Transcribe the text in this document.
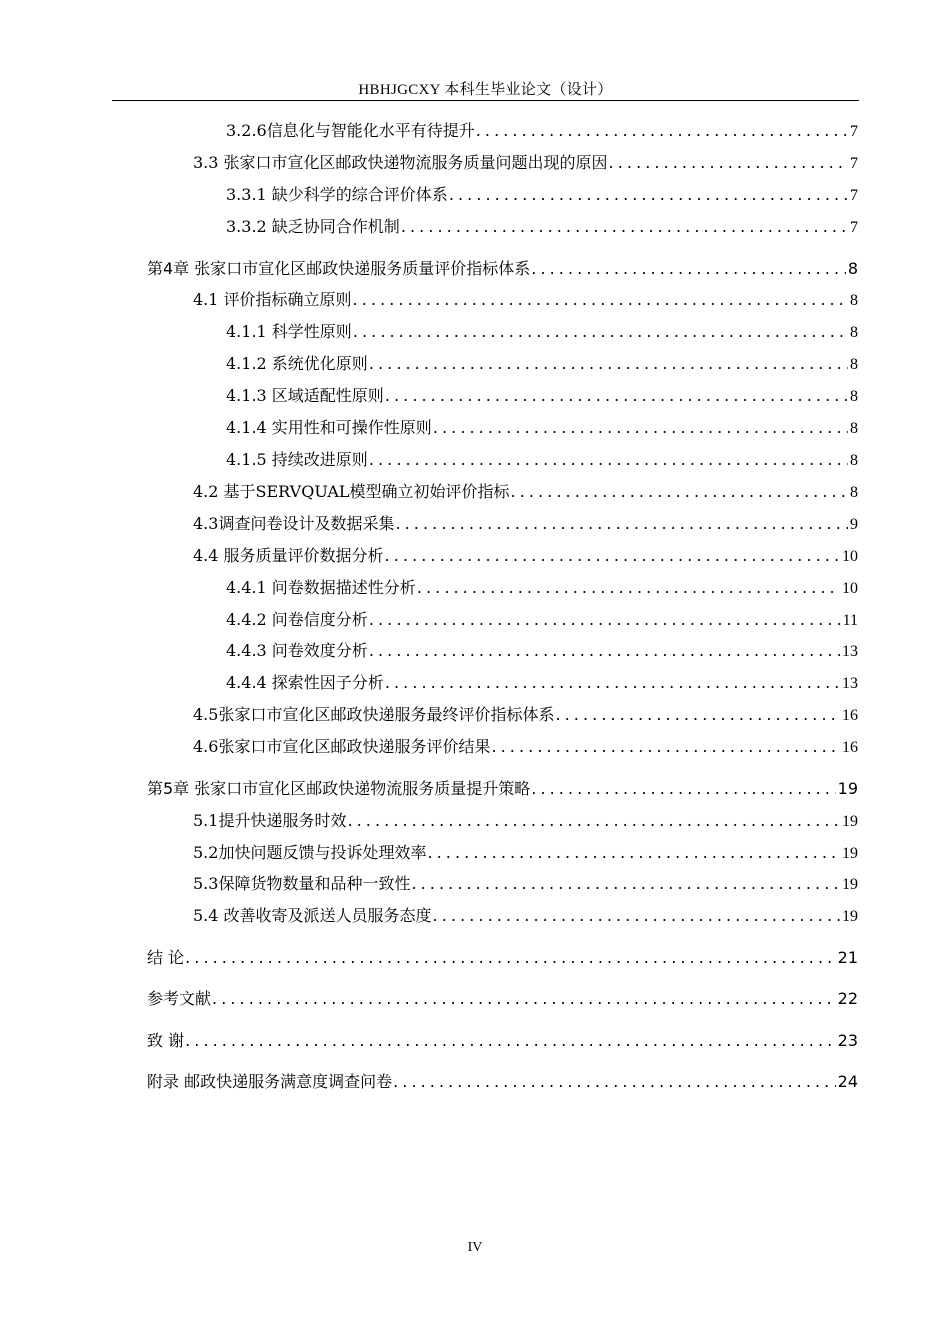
HBHJGCXY 本科生毕业论文（设计）
3.2.6信息化与智能化水平有待提升 . . .	7
3.3 张家口市宣化区邮政快递物流服务质量问题出现的原因 . . .	7
3.3.1 缺少科学的综合评价体系 . . .	7
3.3.2 缺乏协同合作机制 . . .	7
第4章 张家口市宣化区邮政快递服务质量评价指标体系 . . .	8
4.1 评价指标确立原则 . . .	8
4.1.1 科学性原则 . . .	8
4.1.2 系统优化原则 . . .	8
4.1.3 区域适配性原则 . . .	8
4.1.4 实用性和可操作性原则 . . .	8
4.1.5 持续改进原则 . . .	8
4.2 基于SERVQUAL模型确立初始评价指标 . . .	8
4.3调查问卷设计及数据采集 . . .	9
4.4 服务质量评价数据分析 . . .	10
4.4.1 问卷数据描述性分析 . . .	10
4.4.2 问卷信度分析 . . .	11
4.4.3 问卷效度分析 . . .	13
4.4.4 探索性因子分析 . . .	13
4.5张家口市宣化区邮政快递服务最终评价指标体系 . . .	16
4.6张家口市宣化区邮政快递服务评价结果 . . .	16
第5章 张家口市宣化区邮政快递物流服务质量提升策略 . . .	19
5.1提升快递服务时效 . . .	19
5.2加快问题反馈与投诉处理效率 . . .	19
5.3保障货物数量和品种一致性 . . .	19
5.4 改善收寄及派送人员服务态度 . . .	19
结 论 . . .	21
参考文献 . . .	22
致 谢 . . .	23
附录 邮政快递服务满意度调查问卷 . . .	24
IV
